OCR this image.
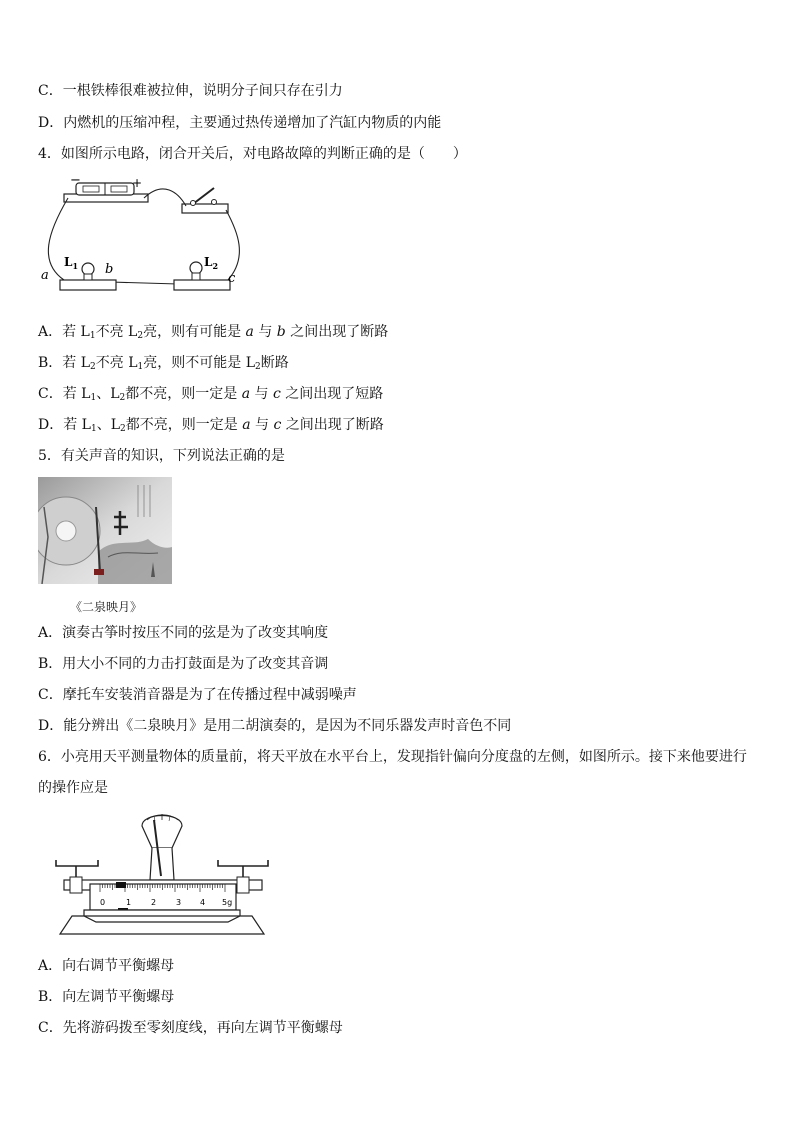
C．一根铁棒很难被拉伸，说明分子间只存在引力
D．内燃机的压缩冲程，主要通过热传递增加了汽缸内物质的内能
4．如图所示电路，闭合开关后，对电路故障的判断正确的是（　　）
−	+
a	b
c
$L_1$	$L_2$
A．若 $L_1$不亮 $L_2$亮，则有可能是 a 与 b 之间出现了断路
B．若 $L_2$不亮 $L_1$亮，则不可能是 $L_2$断路
C．若 $L_1$、$L_2$都不亮，则一定是 a 与 c 之间出现了短路
D．若 $L_1$、$L_2$都不亮，则一定是 a 与 c 之间出现了断路
5．有关声音的知识，下列说法正确的是
《二泉映月》
A．演奏古筝时按压不同的弦是为了改变其响度
B．用大小不同的力击打鼓面是为了改变其音调
C．摩托车安装消音器是为了在传播过程中减弱噪声
D．能分辨出《二泉映月》是用二胡演奏的，是因为不同乐器发声时音色不同
6．小亮用天平测量物体的质量前，将天平放在水平台上，发现指针偏向分度盘的左侧，如图所示。接下来他要进行的操作应是
0	1 2 3 4 5g
A．向右调节平衡螺母
B．向左调节平衡螺母
C．先将游码拨至零刻度线，再向左调节平衡螺母
